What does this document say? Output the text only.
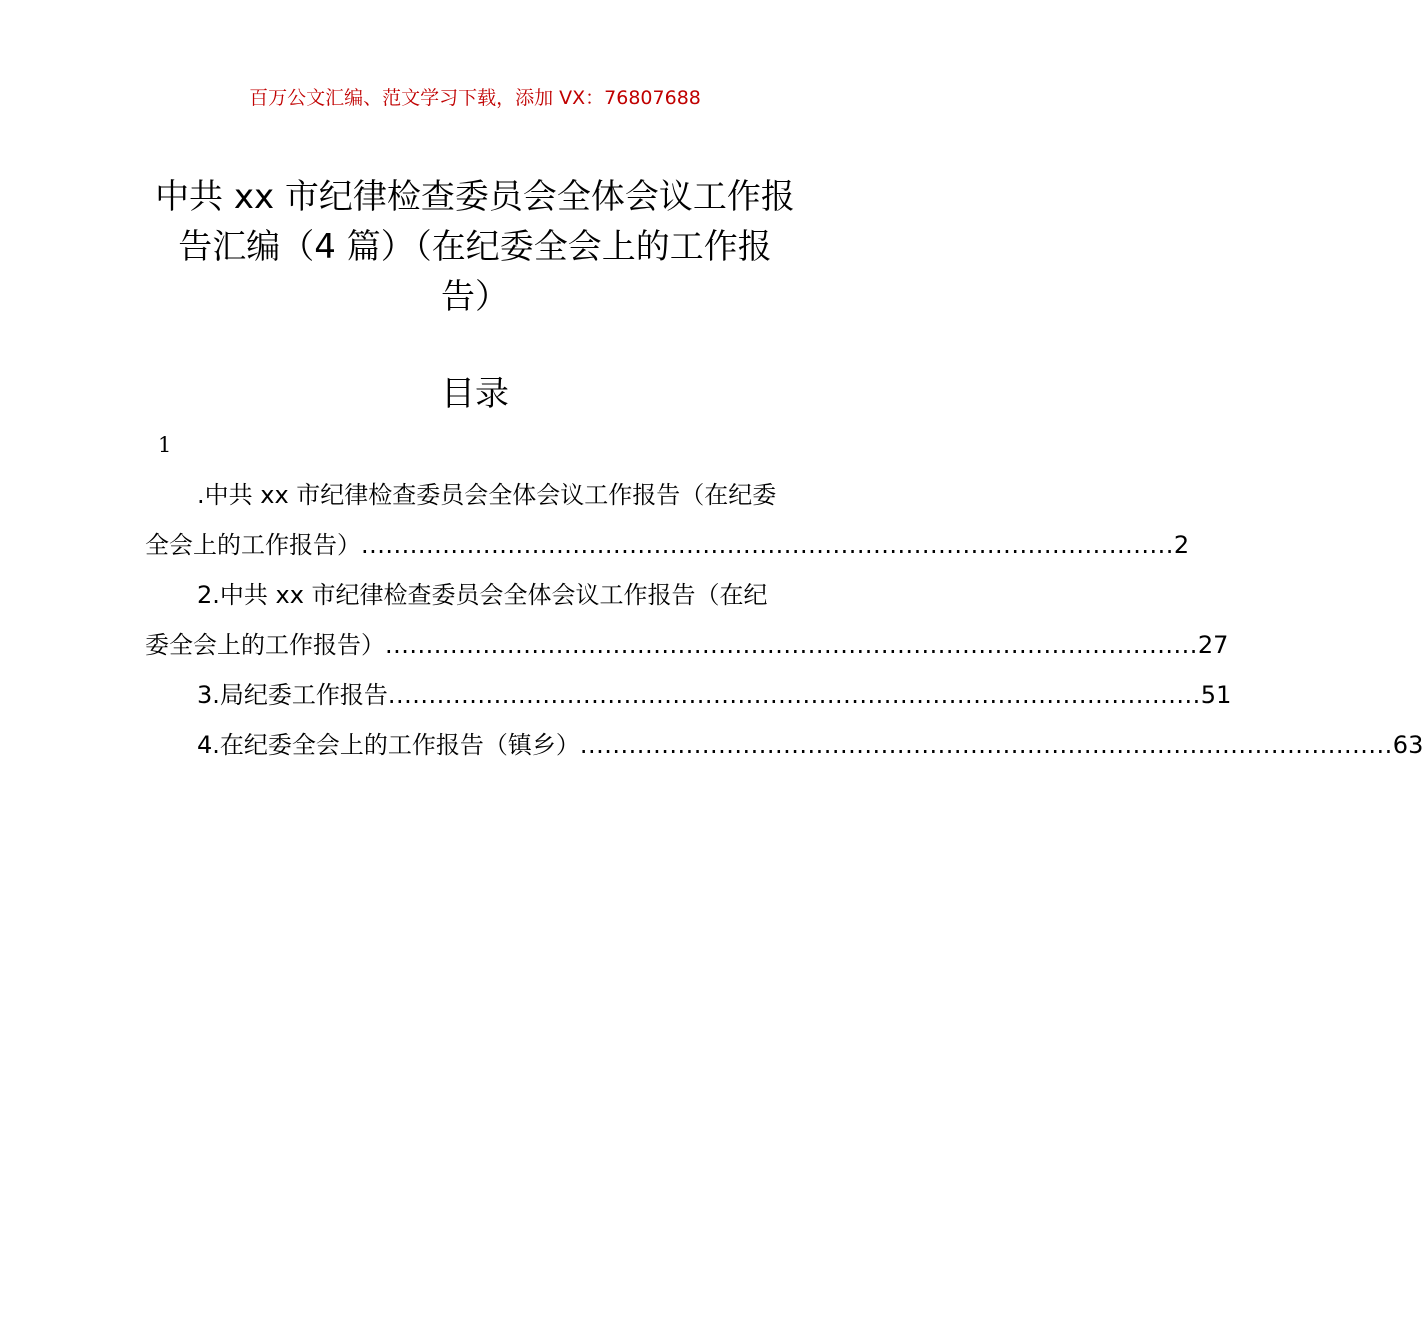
百万公文汇编、范文学习下载，添加 VX：76807688
中共 xx 市纪律检查委员会全体会议工作报
告汇编（4 篇）（在纪委全会上的工作报
告）
目录
1
.中共 xx 市纪律检查委员会全体会议工作报告（在纪委
全会上的工作报告） .................................................................................................... 2
2.中共 xx 市纪律检查委员会全体会议工作报告（在纪
委全会上的工作报告） .................................................................................................... 27
3.局纪委工作报告 .................................................................................................... 51
4.在纪委全会上的工作报告（镇乡） .................................................................................................... 63
